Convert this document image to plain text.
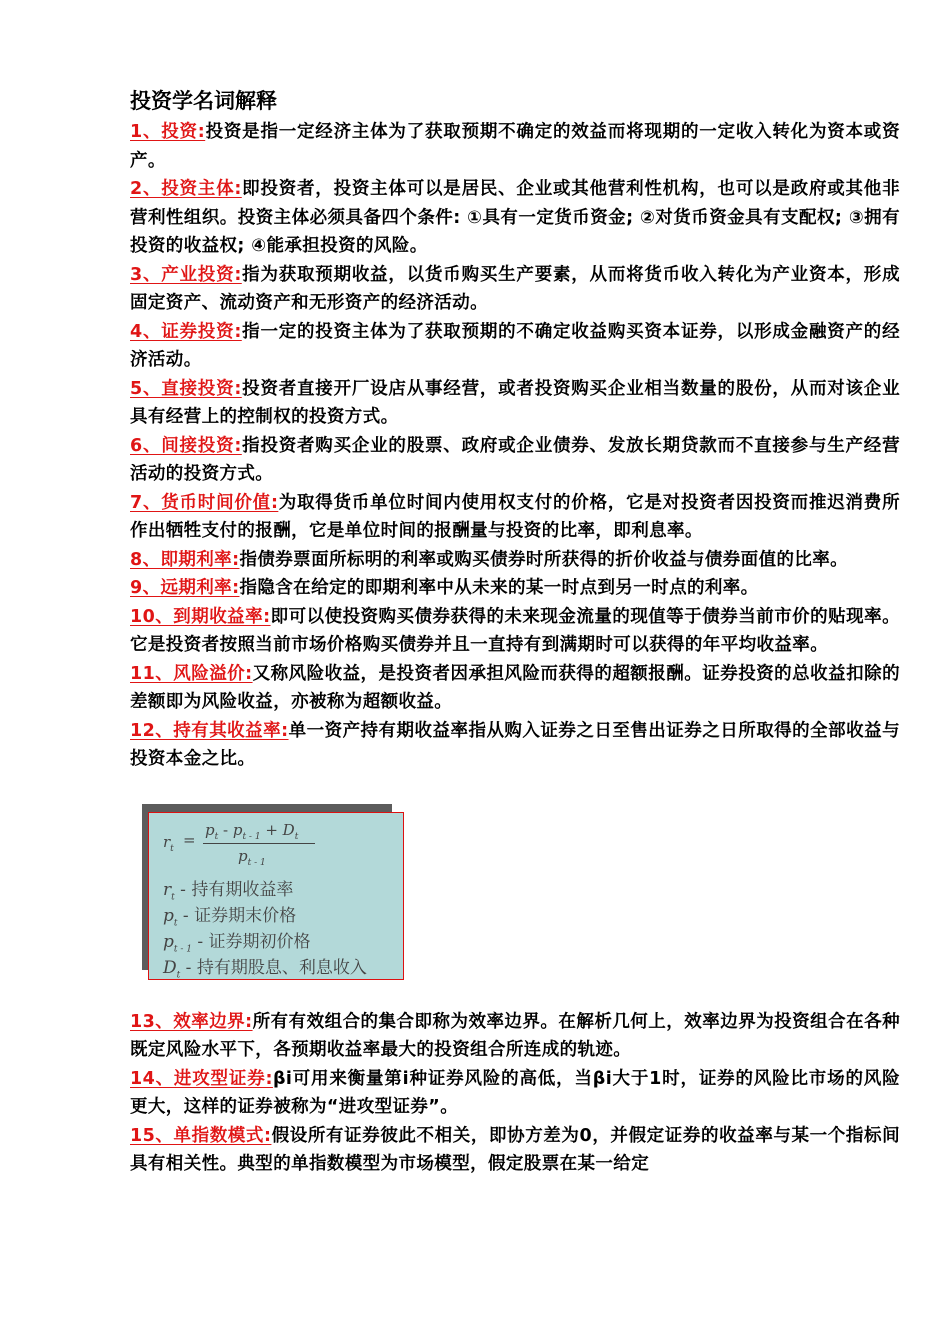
投资学名词解释

1、投资:投资是指一定经济主体为了获取预期不确定的效益而将现期的一定收入转化为资本或资产。

2、投资主体:即投资者，投资主体可以是居民、企业或其他营利性机构，也可以是政府或其他非营利性组织。投资主体必须具备四个条件: ①具有一定货币资金; ②对货币资金具有支配权; ③拥有投资的收益权; ④能承担投资的风险。

3、产业投资:指为获取预期收益，以货币购买生产要素，从而将货币收入转化为产业资本，形成固定资产、流动资产和无形资产的经济活动。

4、证券投资:指一定的投资主体为了获取预期的不确定收益购买资本证券，以形成金融资产的经济活动。

5、直接投资:投资者直接开厂设店从事经营，或者投资购买企业相当数量的股份，从而对该企业具有经营上的控制权的投资方式。

6、间接投资:指投资者购买企业的股票、政府或企业债券、发放长期贷款而不直接参与生产经营活动的投资方式。

7、货币时间价值:为取得货币单位时间内使用权支付的价格，它是对投资者因投资而推迟消费所作出牺牲支付的报酬，它是单位时间的报酬量与投资的比率，即利息率。

8、即期利率:指债券票面所标明的利率或购买债券时所获得的折价收益与债券面值的比率。

9、远期利率:指隐含在给定的即期利率中从未来的某一时点到另一时点的利率。

10、到期收益率:即可以使投资购买债券获得的未来现金流量的现值等于债券当前市价的贴现率。它是投资者按照当前市场价格购买债券并且一直持有到满期时可以获得的年平均收益率。

11、风险溢价:又称风险收益，是投资者因承担风险而获得的超额报酬。证券投资的总收益扣除的差额即为风险收益，亦被称为超额收益。

12、持有其收益率:单一资产持有期收益率指从购入证券之日至售出证券之日所取得的全部收益与投资本金之比。

$r_t$ =
$p_t - p_{t - 1} + D_t$
$p_{t - 1}$
$r_t$ - 持有期收益率
$p_t$ - 证券期末价格
$p_{t - 1}$ - 证券期初价格
$D_t$ - 持有期股息、利息收入

13、效率边界:所有有效组合的集合即称为效率边界。在解析几何上，效率边界为投资组合在各种既定风险水平下，各预期收益率最大的投资组合所连成的轨迹。

14、进攻型证券:βi可用来衡量第i种证券风险的高低，当βi大于1时，证券的风险比市场的风险更大，这样的证券被称为“进攻型证券”。

15、单指数模式:假设所有证券彼此不相关，即协方差为0，并假定证券的收益率与某一个指标间具有相关性。典型的单指数模型为市场模型，假定股票在某一给定
